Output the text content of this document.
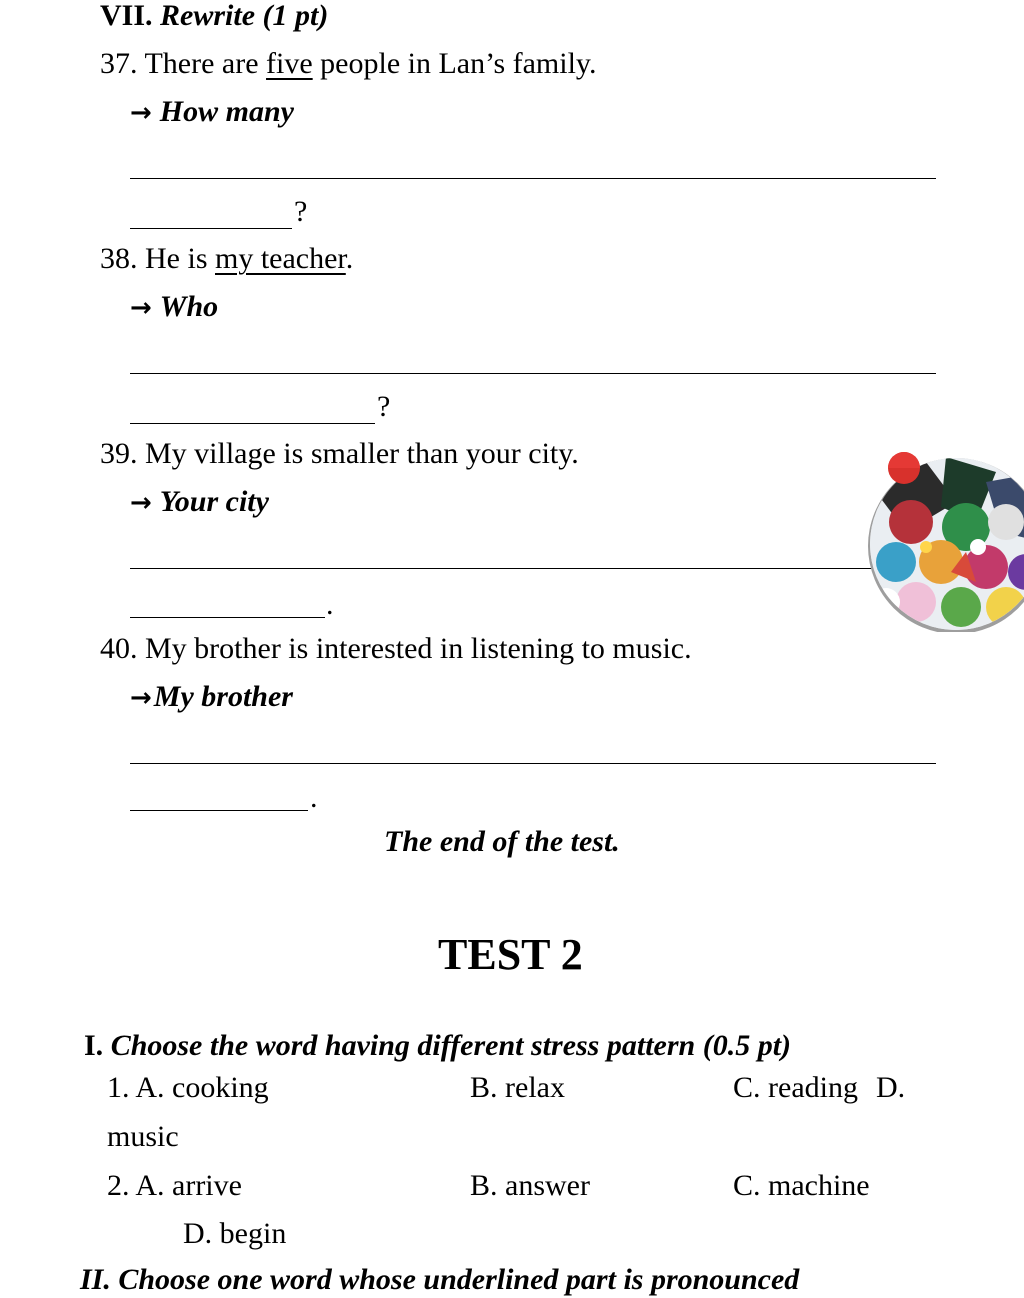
VII. Rewrite (1 pt)
37. There are five people in Lan’s family.
→ How many
?
38. He is my teacher.
→ Who
?
39. My village is smaller than your city.
→ Your city
.
40. My brother is interested in listening to music.
→My brother
.
The end of the test.
TEST 2
I. Choose the word having different stress pattern (0.5 pt)
1. A. cooking	B. relax	C. reading D.
music
2. A. arrive	B. answer	C. machine
D. begin
II. Choose one word whose underlined part is pronounced
